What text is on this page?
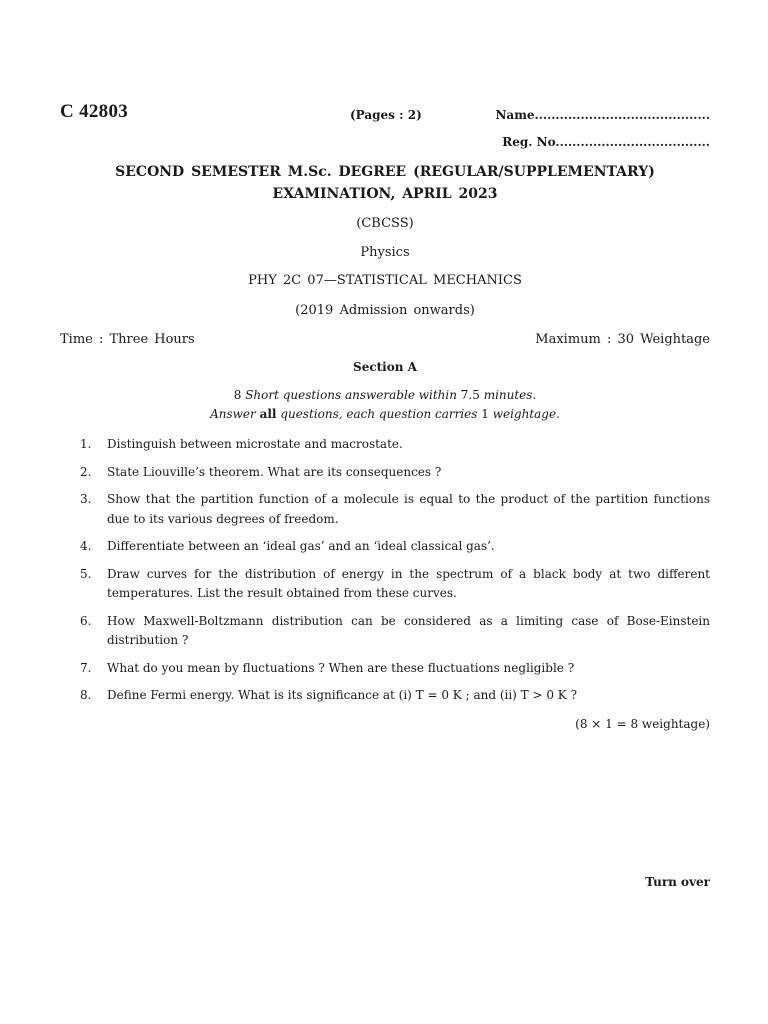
C 42803	(Pages : 2)	Name..........................................
Reg. No.....................................
SECOND SEMESTER M.Sc. DEGREE (REGULAR/SUPPLEMENTARY)
EXAMINATION, APRIL 2023
(CBCSS)
Physics
PHY 2C 07—STATISTICAL MECHANICS
(2019 Admission onwards)
Time : Three Hours	Maximum : 30 Weightage
Section A
8 Short questions answerable within 7.5 minutes.
Answer all questions, each question carries 1 weightage.
1.	Distinguish between microstate and macrostate.
2.	State Liouville’s theorem. What are its consequences ?
3.	Show that the partition function of a molecule is equal to the product of the partition functions due to its various degrees of freedom.
4.	Differentiate between an ‘ideal gas’ and an ‘ideal classical gas’.
5.	Draw curves for the distribution of energy in the spectrum of a black body at two different temperatures. List the result obtained from these curves.
6.	How Maxwell-Boltzmann distribution can be considered as a limiting case of Bose-Einstein distribution ?
7.	What do you mean by fluctuations ? When are these fluctuations negligible ?
8.	Define Fermi energy. What is its significance at (i) T = 0 K ; and (ii) T > 0 K ?
(8 × 1 = 8 weightage)
Turn over
